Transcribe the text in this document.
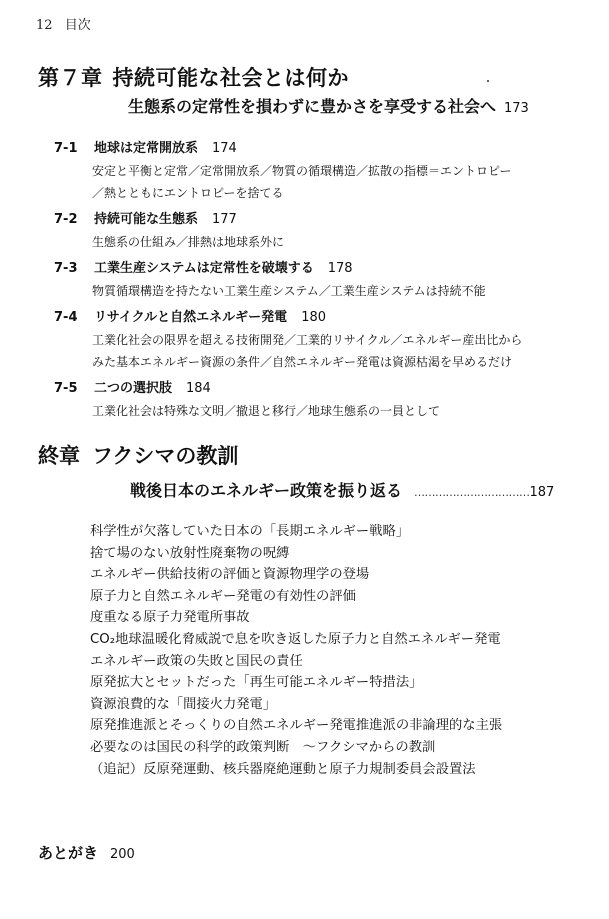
12 目次
第７章 持続可能な社会とは何か
生態系の定常性を損わずに豊かさを享受する社会へ 173
7-1 地球は定常開放系 174
安定と平衡と定常／定常開放系／物質の循環構造／拡散の指標＝エントロピー
／熱とともにエントロピーを捨てる
7-2 持続可能な生態系 177
生態系の仕組み／排熱は地球系外に
7-3 工業生産システムは定常性を破壊する 178
物質循環構造を持たない工業生産システム／工業生産システムは持続不能
7-4 リサイクルと自然エネルギー発電 180
工業化社会の限界を超える技術開発／工業的リサイクル／エネルギー産出比から
みた基本エネルギー資源の条件／自然エネルギー発電は資源枯渇を早めるだけ
7-5 二つの選択肢 184
工業化社会は特殊な文明／撤退と移行／地球生態系の一員として
終章 フクシマの教訓
戦後日本のエネルギー政策を振り返る ……………………………187
科学性が欠落していた日本の「長期エネルギー戦略」
捨て場のない放射性廃棄物の呪縛
エネルギー供給技術の評価と資源物理学の登場
原子力と自然エネルギー発電の有効性の評価
度重なる原子力発電所事故
CO₂地球温暖化脅威説で息を吹き返した原子力と自然エネルギー発電
エネルギー政策の失敗と国民の責任
原発拡大とセットだった「再生可能エネルギー特措法」
資源浪費的な「間接火力発電」
原発推進派とそっくりの自然エネルギー発電推進派の非論理的な主張
必要なのは国民の科学的政策判断　～フクシマからの教訓
（追記）反原発運動、核兵器廃絶運動と原子力規制委員会設置法
あとがき 200
